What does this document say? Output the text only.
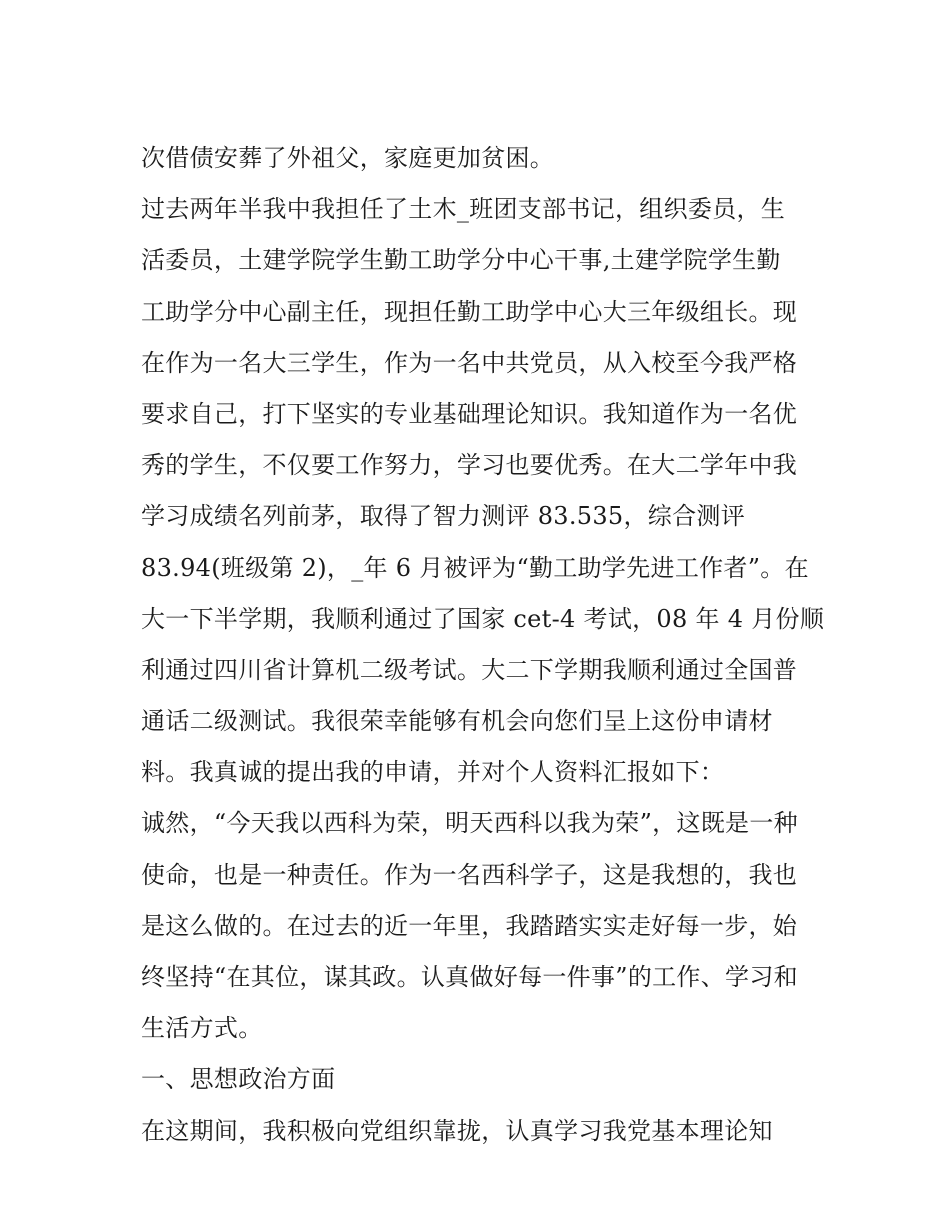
次借债安葬了外祖父，家庭更加贫困。
过去两年半我中我担任了土木_班团支部书记，组织委员，生
活委员，土建学院学生勤工助学分中心干事,土建学院学生勤
工助学分中心副主任，现担任勤工助学中心大三年级组长。现
在作为一名大三学生，作为一名中共党员，从入校至今我严格
要求自己，打下坚实的专业基础理论知识。我知道作为一名优
秀的学生，不仅要工作努力，学习也要优秀。在大二学年中我
学习成绩名列前茅，取得了智力测评 83.535，综合测评
83.94(班级第 2)，_年 6 月被评为“勤工助学先进工作者”。在
大一下半学期，我顺利通过了国家 cet-4 考试，08 年 4 月份顺
利通过四川省计算机二级考试。大二下学期我顺利通过全国普
通话二级测试。我很荣幸能够有机会向您们呈上这份申请材
料。我真诚的提出我的申请，并对个人资料汇报如下：
诚然，“今天我以西科为荣，明天西科以我为荣”，这既是一种
使命，也是一种责任。作为一名西科学子，这是我想的，我也
是这么做的。在过去的近一年里，我踏踏实实走好每一步，始
终坚持“在其位，谋其政。认真做好每一件事”的工作、学习和
生活方式。
一、思想政治方面
在这期间，我积极向党组织靠拢，认真学习我党基本理论知
